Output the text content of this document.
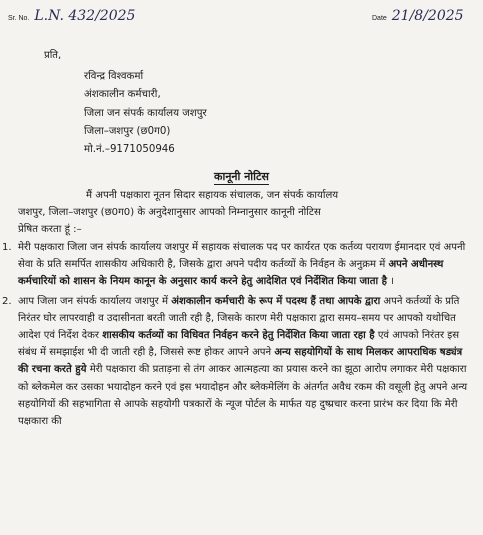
Sr. No. L.N. 432/2025	Date 21/8/2025
प्रति,
रविन्द्र विश्वकर्मा
अंशकालीन कर्मचारी,
जिला जन संपर्क कार्यालय जशपुर
जिला–जशपुर (छ0ग0)
मो.नं.–9171050946
कानूनी नोटिस
मैं अपनी पक्षकारा नूतन सिदार सहायक संचालक, जन संपर्क कार्यालय
जशपुर, जिला–जशपुर (छ0ग0) के अनुदेशानुसार आपको निम्नानुसार कानूनी नोटिस
प्रेषित करता हूं :–
1. मेरी पक्षकारा जिला जन संपर्क कार्यालय जशपुर में सहायक संचालक पद पर कार्यरत एक कर्तव्य परायण ईमानदार एवं अपनी सेवा के प्रति समर्पित शासकीय अधिकारी है, जिसके द्वारा अपने पदीय कर्तव्यों के निर्वहन के अनुक्रम में अपने अधीनस्थ कर्मचारियों को शासन के नियम कानून के अनुसार कार्य करने हेतु आदेशित एवं निर्देशित किया जाता है ।
2. आप जिला जन संपर्क कार्यालय जशपुर में अंशकालीन कर्मचारी के रूप में पदस्थ हैं तथा आपके द्वारा अपने कर्तव्यों के प्रति निरंतर घोर लापरवाही व उदासीनता बरती जाती रही है, जिसके कारण मेरी पक्षकारा द्वारा समय–समय पर आपको यथोचित आदेश एवं निर्देश देकर शासकीय कर्तव्यों का विधिवत निर्वहन करने हेतु निर्देशित किया जाता रहा है एवं आपको निरंतर इस संबंध में समझाईश भी दी जाती रही है, जिससे रूष्ट होकर आपने अपने अन्य सहयोगियों के साथ मिलकर आपराधिक षड्यंत्र की रचना करते हुये मेरी पक्षकारा की प्रताड़ना से तंग आकर आत्महत्या का प्रयास करने का झूठा आरोप लगाकर मेरी पक्षकारा को ब्लेकमेल कर उसका भयादोहन करने एवं इस भयादोहन और ब्लेकमेलिंग के अंतर्गत अवैध रकम की वसूली हेतु अपने अन्य सहयोगियों की सहभागिता से आपके सहयोगी पत्रकारों के न्यूज पोर्टल के मार्फत यह दुष्प्रचार करना प्रारंभ कर दिया कि मेरी पक्षकारा की
